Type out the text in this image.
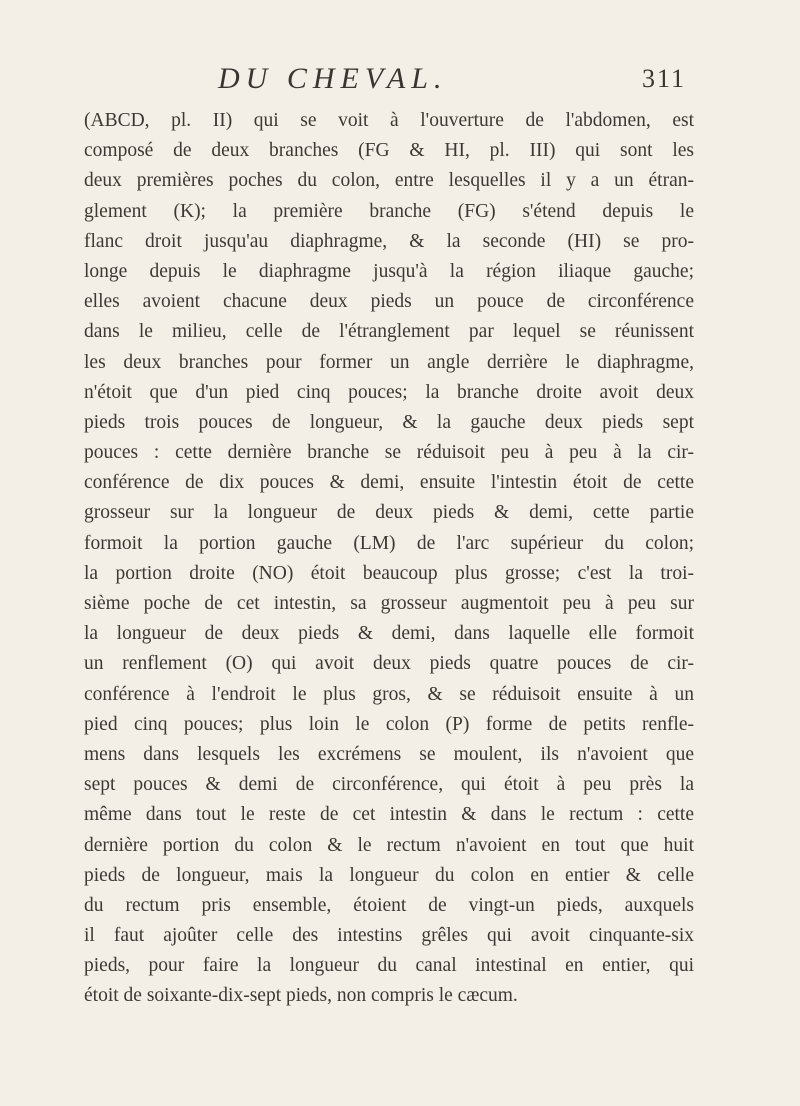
DU CHEVAL.	311
(ABCD, pl. II) qui se voit à l'ouverture de l'abdomen, est
composé de deux branches (FG & HI, pl. III) qui sont les
deux premières poches du colon, entre lesquelles il y a un étran-
glement (K); la première branche (FG) s'étend depuis le
flanc droit jusqu'au diaphragme, & la seconde (HI) se pro-
longe depuis le diaphragme jusqu'à la région iliaque gauche;
elles avoient chacune deux pieds un pouce de circonférence
dans le milieu, celle de l'étranglement par lequel se réunissent
les deux branches pour former un angle derrière le diaphragme,
n'étoit que d'un pied cinq pouces; la branche droite avoit deux
pieds trois pouces de longueur, & la gauche deux pieds sept
pouces : cette dernière branche se réduisoit peu à peu à la cir-
conférence de dix pouces & demi, ensuite l'intestin étoit de cette
grosseur sur la longueur de deux pieds & demi, cette partie
formoit la portion gauche (LM) de l'arc supérieur du colon;
la portion droite (NO) étoit beaucoup plus grosse; c'est la troi-
sième poche de cet intestin, sa grosseur augmentoit peu à peu sur
la longueur de deux pieds & demi, dans laquelle elle formoit
un renflement (O) qui avoit deux pieds quatre pouces de cir-
conférence à l'endroit le plus gros, & se réduisoit ensuite à un
pied cinq pouces; plus loin le colon (P) forme de petits renfle-
mens dans lesquels les excrémens se moulent, ils n'avoient que
sept pouces & demi de circonférence, qui étoit à peu près la
même dans tout le reste de cet intestin & dans le rectum : cette
dernière portion du colon & le rectum n'avoient en tout que huit
pieds de longueur, mais la longueur du colon en entier & celle
du rectum pris ensemble, étoient de vingt-un pieds, auxquels
il faut ajoûter celle des intestins grêles qui avoit cinquante-six
pieds, pour faire la longueur du canal intestinal en entier, qui
étoit de soixante-dix-sept pieds, non compris le cæcum.
